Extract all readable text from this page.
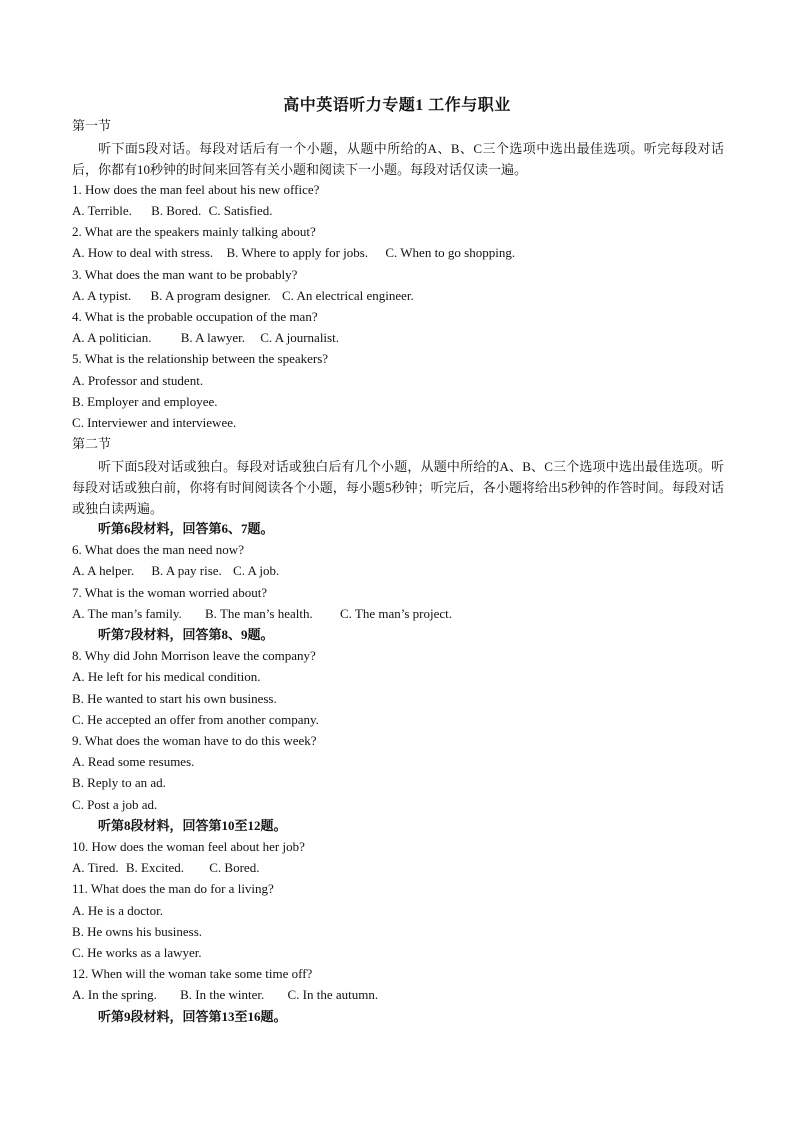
高中英语听力专题1 工作与职业
第一节
听下面5段对话。每段对话后有一个小题，从题中所给的A、B、C三个选项中选出最佳选项。听完每段对话后，你都有10秒钟的时间来回答有关小题和阅读下一小题。每段对话仅读一遍。
1. How does the man feel about his new office?
A. Terrible. B. Bored. C. Satisfied.
2. What are the speakers mainly talking about?
A. How to deal with stress. B. Where to apply for jobs. C. When to go shopping.
3. What does the man want to be probably?
A. A typist. B. A program designer. C. An electrical engineer.
4. What is the probable occupation of the man?
A. A politician. B. A lawyer. C. A journalist.
5. What is the relationship between the speakers?
A. Professor and student.
B. Employer and employee.
C. Interviewer and interviewee.
第二节
听下面5段对话或独白。每段对话或独白后有几个小题，从题中所给的A、B、C三个选项中选出最佳选项。听每段对话或独白前，你将有时间阅读各个小题，每小题5秒钟；听完后，各小题将给出5秒钟的作答时间。每段对话或独白读两遍。
听第6段材料，回答第6、7题。
6. What does the man need now?
A. A helper. B. A pay rise. C. A job.
7. What is the woman worried about?
A. The man’s family. B. The man’s health. C. The man’s project.
听第7段材料，回答第8、9题。
8. Why did John Morrison leave the company?
A. He left for his medical condition.
B. He wanted to start his own business.
C. He accepted an offer from another company.
9. What does the woman have to do this week?
A. Read some resumes.
B. Reply to an ad.
C. Post a job ad.
听第8段材料，回答第10至12题。
10. How does the woman feel about her job?
A. Tired. B. Excited. C. Bored.
11. What does the man do for a living?
A. He is a doctor.
B. He owns his business.
C. He works as a lawyer.
12. When will the woman take some time off?
A. In the spring. B. In the winter. C. In the autumn.
听第9段材料，回答第13至16题。
